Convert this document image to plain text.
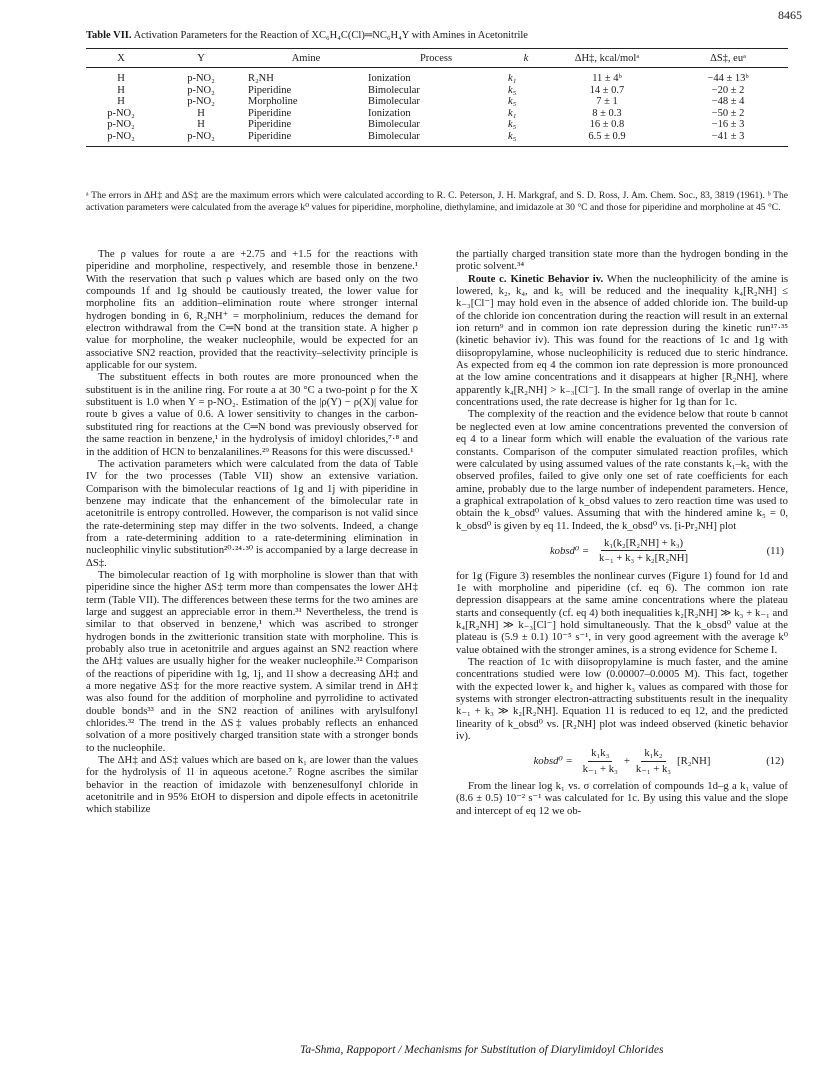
8465
Table VII. Activation Parameters for the Reaction of XC₆H₄C(Cl)═NC₆H₄Y with Amines in Acetonitrile
X	Y	Amine	Process	k	ΔH‡, kcal/molᵃ	ΔS‡, euᵃ
H	p-NO₂	R₂NH	Ionization	k₁	11 ± 4ᵇ	−44 ± 13ᵇ
H	p-NO₂	Piperidine	Bimolecular	k₅	14 ± 0.7	−20 ± 2
H	p-NO₂	Morpholine	Bimolecular	k₅	7 ± 1	−48 ± 4
p-NO₂	H	Piperidine	Ionization	k₁	8 ± 0.3	−50 ± 2
p-NO₂	H	Piperidine	Bimolecular	k₅	16 ± 0.8	−16 ± 3
p-NO₂	p-NO₂	Piperidine	Bimolecular	k₅	6.5 ± 0.9	−41 ± 3
ᵃ The errors in ΔH‡ and ΔS‡ are the maximum errors which were calculated according to R. C. Peterson, J. H. Markgraf, and S. D. Ross, J. Am. Chem. Soc., 83, 3819 (1961). ᵇ The activation parameters were calculated from the average k⁰ values for piperidine, morpholine, diethylamine, and imidazole at 30 °C and those for piperidine and morpholine at 45 °C.

The ρ values for route a are +2.75 and +1.5 for the reactions with piperidine and morpholine, respectively, and resemble those in benzene.¹ With the reservation that such ρ values which are based only on the two compounds 1f and 1g should be cautiously treated, the lower value for morpholine fits an addition–elimination route where stronger internal hydrogen bonding in 6, R₂NH⁺ = morpholinium, reduces the demand for electron withdrawal from the C═N bond at the transition state. A higher ρ value for morpholine, the weaker nucleophile, would be expected for an associative SN2 reaction, provided that the reactivity–selectivity principle is applicable for our system.

The substituent effects in both routes are more pronounced when the substituent is in the aniline ring. For route a at 30 °C a two-point ρ for the X substituent is 1.0 when Y = p-NO₂. Estimation of the |ρ(Y) − ρ(X)| value for route b gives a value of 0.6. A lower sensitivity to changes in the carbon-substituted ring for reactions at the C═N bond was previously observed for the same reaction in benzene,¹ in the hydrolysis of imidoyl chlorides,⁷·⁸ and in the addition of HCN to benzalanilines.²⁹ Reasons for this were discussed.¹

The activation parameters which were calculated from the data of Table IV for the two processes (Table VII) show an extensive variation. Comparison with the bimolecular reactions of 1g and 1j with piperidine in benzene may indicate that the enhancement of the bimolecular rate in acetonitrile is entropy controlled. However, the comparison is not valid since the rate-determining step may differ in the two solvents. Indeed, a change from a rate-determining addition to a rate-determining elimination in nucleophilic vinylic substitution²⁰·²⁴·³⁰ is accompanied by a large decrease in ΔS‡.

The bimolecular reaction of 1g with morpholine is slower than that with piperidine since the higher ΔS‡ term more than compensates the lower ΔH‡ term (Table VII). The differences between these terms for the two amines are large and suggest an appreciable error in them.³¹ Nevertheless, the trend is similar to that observed in benzene,¹ which was ascribed to stronger hydrogen bonds in the zwitterionic transition state with morpholine. This is probably also true in acetonitrile and argues against an SN2 reaction where the ΔH‡ values are usually higher for the weaker nucleophile.³² Comparison of the reactions of piperidine with 1g, 1j, and 1l show a decreasing ΔH‡ and a more negative ΔS‡ for the more reactive system. A similar trend in ΔH‡ was also found for the addition of morpholine and pyrrolidine to activated double bonds³³ and in the SN2 reaction of anilines with arylsulfonyl chlorides.³² The trend in the ΔS‡ values probably reflects an enhanced solvation of a more positively charged transition state with a stronger bonds to the nucleophile.

The ΔH‡ and ΔS‡ values which are based on k₁ are lower than the values for the hydrolysis of 1l in aqueous acetone.⁷ Rogne ascribes the similar behavior in the reaction of imidazole with benzenesulfonyl chloride in acetonitrile and in 95% EtOH to dispersion and dipole effects in acetonitrile which stabilize

the partially charged transition state more than the hydrogen bonding in the protic solvent.³⁴

Route c. Kinetic Behavior iv. When the nucleophilicity of the amine is lowered, k₂, k₄, and k₅ will be reduced and the inequality k₄[R₂NH] ≤ k₋₃[Cl⁻] may hold even in the absence of added chloride ion. The build-up of the chloride ion concentration during the reaction will result in an external ion return⁹ and in common ion rate depression during the kinetic run¹⁷·³⁵ (kinetic behavior iv). This was found for the reactions of 1c and 1g with diisopropylamine, whose nucleophilicity is reduced due to steric hindrance. As expected from eq 4 the common ion rate depression is more pronounced at the low amine concentrations and it disappears at higher [R₂NH], where apparently k₄[R₂NH] > k₋₃[Cl⁻]. In the small range of overlap in the amine concentrations used, the rate decrease is higher for 1g than for 1c.

The complexity of the reaction and the evidence below that route b cannot be neglected even at low amine concentrations prevented the conversion of eq 4 to a linear form which will enable the evaluation of the various rate constants. Comparison of the computer simulated reaction profiles, which were calculated by using assumed values of the rate constants k₁–k₅ with the observed profiles, failed to give only one set of rate coefficients for each amine, probably due to the large number of independent parameters. Hence, a graphical extrapolation of k_obsd values to zero reaction time was used to obtain the k_obsd⁰ values. Assuming that with the hindered amine k₅ = 0, k_obsd⁰ is given by eq 11. Indeed, the k_obsd⁰ vs. [i-Pr₂NH] plot

kobsd⁰ = $\frac{\text{k₁(k₂[R₂NH] + k₃)}}{\text{k₋₁ + k₃ + k₂[R₂NH]}}$	(11)

for 1g (Figure 3) resembles the nonlinear curves (Figure 1) found for 1d and 1e with morpholine and piperidine (cf. eq 6). The common ion rate depression disappears at the same amine concentrations where the plateau starts and consequently (cf. eq 4) both inequalities k₂[R₂NH] ≫ k₃ + k₋₁ and k₄[R₂NH] ≫ k₋₃[Cl⁻] hold simultaneously. That the k_obsd⁰ value at the plateau is (5.9 ± 0.1) 10⁻⁵ s⁻¹, in very good agreement with the average k⁰ value obtained with the stronger amines, is a strong evidence for Scheme I.

The reaction of 1c with diisopropylamine is much faster, and the amine concentrations studied were low (0.00007–0.0005 M). This fact, together with the expected lower k₂ and higher k₃ values as compared with those for systems with stronger electron-attracting substituents result in the inequality k₋₁ + k₃ ≫ k₂[R₂NH]. Equation 11 is reduced to eq 12, and the predicted linearity of k_obsd⁰ vs. [R₂NH] plot was indeed observed (kinetic behavior iv).

kobsd⁰ = $\frac{\text{k₁k₃}}{\text{k₋₁ + k₃}} + \frac{\text{k₁k₂}}{\text{k₋₁ + k₃}} [R_2NH]$	(12)

From the linear log k₁ vs. σ correlation of compounds 1d–g a k₁ value of (8.6 ± 0.5) 10⁻² s⁻¹ was calculated for 1c. By using this value and the slope and intercept of eq 12 we ob-

Ta-Shma, Rappoport / Mechanisms for Substitution of Diarylimidoyl Chlorides
